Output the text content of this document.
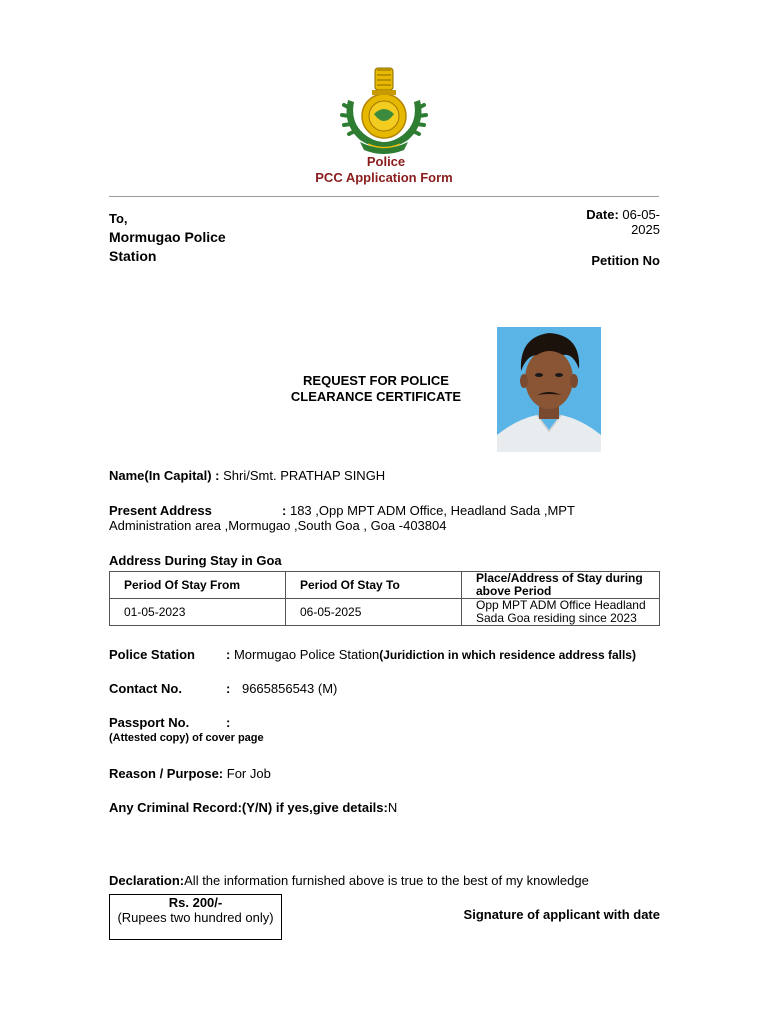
Police
PCC Application Form
To,
Mormugao Police Station
Date: 06-05-2025
Petition No
REQUEST FOR POLICE
CLEARANCE CERTIFICATE
Name(In Capital) : Shri/Smt. PRATHAP SINGH
Present Address	: 183 ,Opp MPT ADM Office, Headland Sada ,MPT
Administration area ,Mormugao ,South Goa , Goa -403804
Address During Stay in Goa
Period Of Stay From	Period Of Stay To	Place/Address of Stay during above Period
01-05-2023	06-05-2025	Opp MPT ADM Office Headland Sada Goa residing since 2023
Police Station : Mormugao Police Station(Juridiction in which residence address falls)
Contact No.	: 9665856543 (M)
Passport No.	:
(Attested copy) of cover page
Reason / Purpose: For Job
Any Criminal Record:(Y/N) if yes,give details:N
Declaration:All the information furnished above is true to the best of my knowledge
Rs. 200/-
(Rupees two hundred only)	Signature of applicant with date
